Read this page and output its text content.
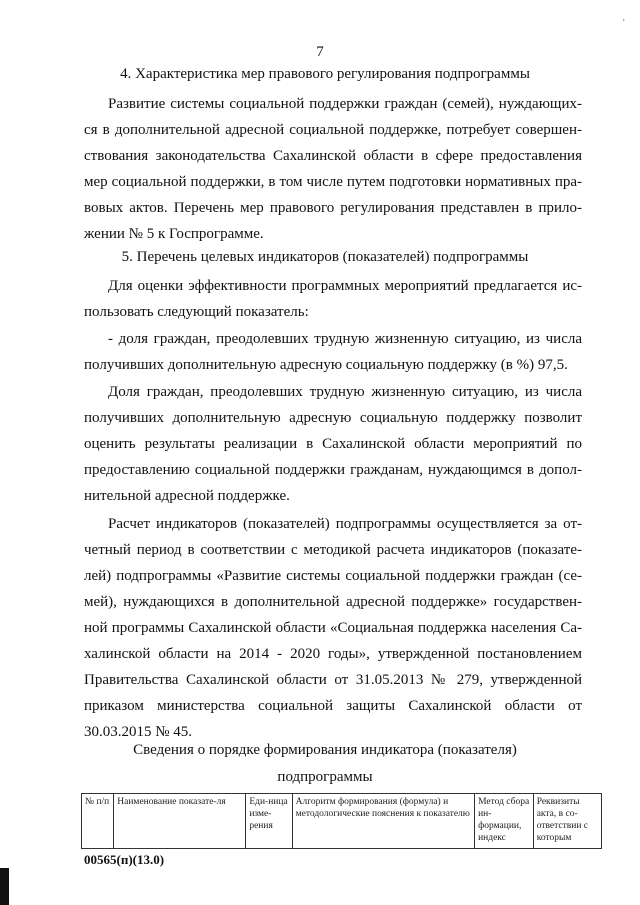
ʼ
7
4. Характеристика мер правового регулирования подпрограммы
Развитие системы социальной поддержки граждан (семей), нуждающих-
ся в дополнительной адресной социальной поддержке, потребует совершен-
ствования законодательства Сахалинской области в сфере предоставления
мер социальной поддержки, в том числе путем подготовки нормативных пра-
вовых актов. Перечень мер правового регулирования представлен в прило-
жении № 5 к Госпрограмме.
5. Перечень целевых индикаторов (показателей) подпрограммы
Для оценки эффективности программных мероприятий предлагается ис-
пользовать следующий показатель:
- доля граждан, преодолевших трудную жизненную ситуацию, из числа
получивших дополнительную адресную социальную поддержку (в %) 97,5.
Доля граждан, преодолевших трудную жизненную ситуацию, из числа
получивших дополнительную адресную социальную поддержку позволит
оценить результаты реализации в Сахалинской области мероприятий по
предоставлению социальной поддержки гражданам, нуждающимся в допол-
нительной адресной поддержке.
Расчет индикаторов (показателей) подпрограммы осуществляется за от-
четный период в соответствии с методикой расчета индикаторов (показате-
лей) подпрограммы «Развитие системы социальной поддержки граждан (се-
мей), нуждающихся в дополнительной адресной поддержке» государствен-
ной программы Сахалинской области «Социальная поддержка населения Са-
халинской области на 2014 - 2020 годы», утвержденной постановлением
Правительства Сахалинской области от 31.05.2013 № 279, утвержденной
приказом министерства социальной защиты Сахалинской области от
30.03.2015 № 45.
Сведения о порядке формирования индикатора (показателя)
подпрограммы
№ п/п	Наименование показате-ля	Еди-ница изме-рения	Алгоритм формирования (формула) и методологические пояснения к показателю	Метод сбора ин-формации, индекс	Реквизиты акта, в со-ответствии с которым
00565(п)(13.0)
